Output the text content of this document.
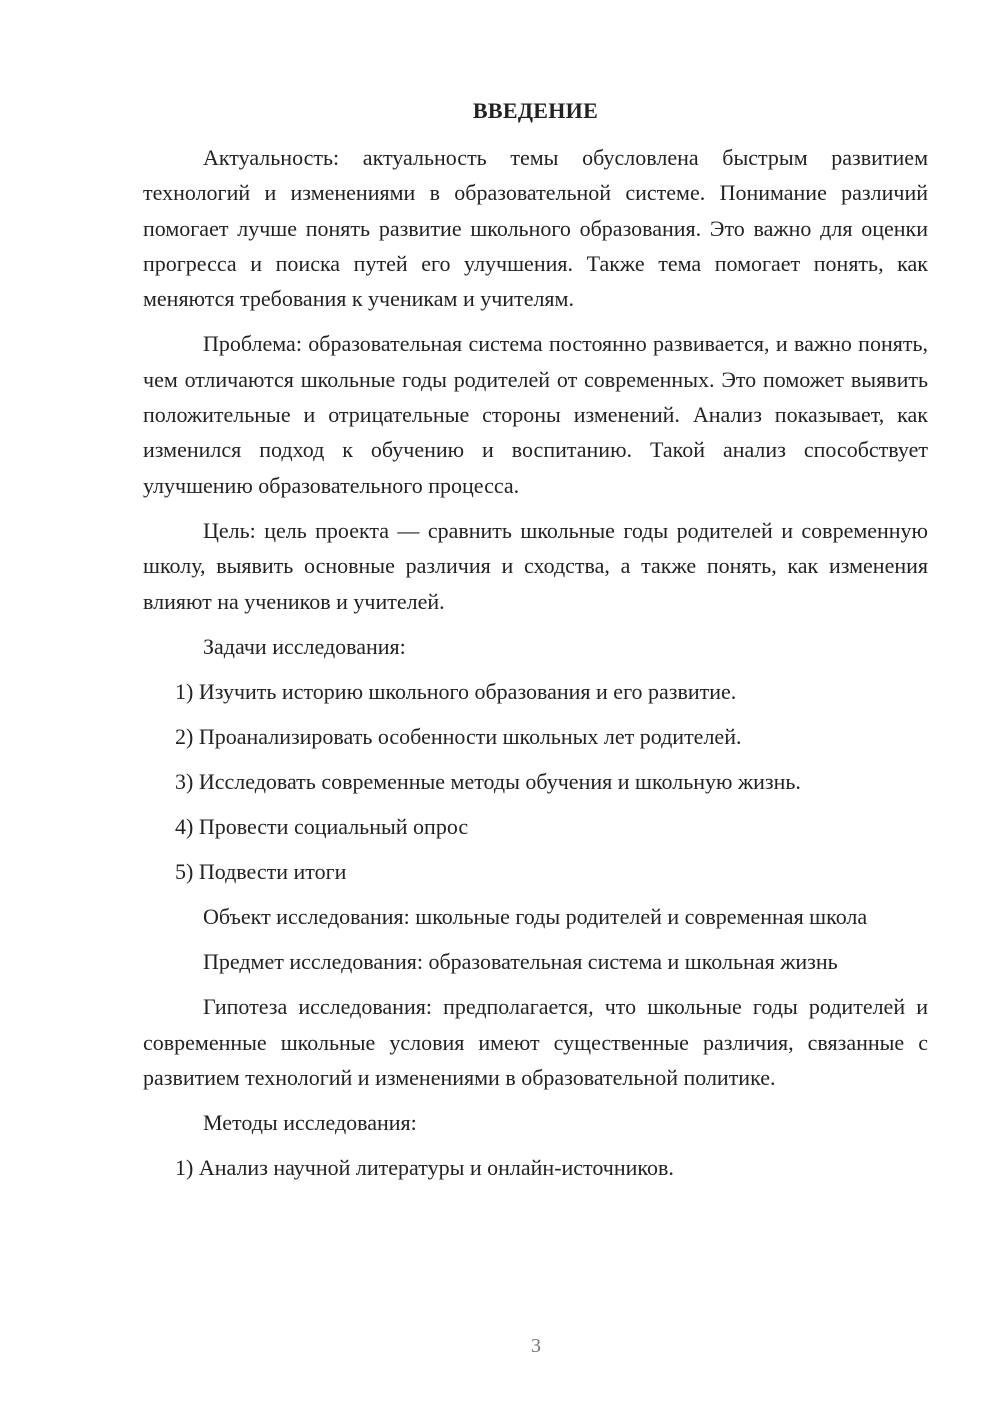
ВВЕДЕНИЕ

Актуальность: актуальность темы обусловлена быстрым развитием технологий и изменениями в образовательной системе. Понимание различий помогает лучше понять развитие школьного образования. Это важно для оценки прогресса и поиска путей его улучшения. Также тема помогает понять, как меняются требования к ученикам и учителям.

Проблема: образовательная система постоянно развивается, и важно понять, чем отличаются школьные годы родителей от современных. Это поможет выявить положительные и отрицательные стороны изменений. Анализ показывает, как изменился подход к обучению и воспитанию. Такой анализ способствует улучшению образовательного процесса.

Цель: цель проекта — сравнить школьные годы родителей и современную школу, выявить основные различия и сходства, а также понять, как изменения влияют на учеников и учителей.

Задачи исследования:

1) Изучить историю школьного образования и его развитие.

2) Проанализировать особенности школьных лет родителей.

3) Исследовать современные методы обучения и школьную жизнь.

4) Провести социальный опрос

5) Подвести итоги

Объект исследования: школьные годы родителей и современная школа

Предмет исследования: образовательная система и школьная жизнь

Гипотеза исследования: предполагается, что школьные годы родителей и современные школьные условия имеют существенные различия, связанные с развитием технологий и изменениями в образовательной политике.

Методы исследования:

1) Анализ научной литературы и онлайн-источников.

3
